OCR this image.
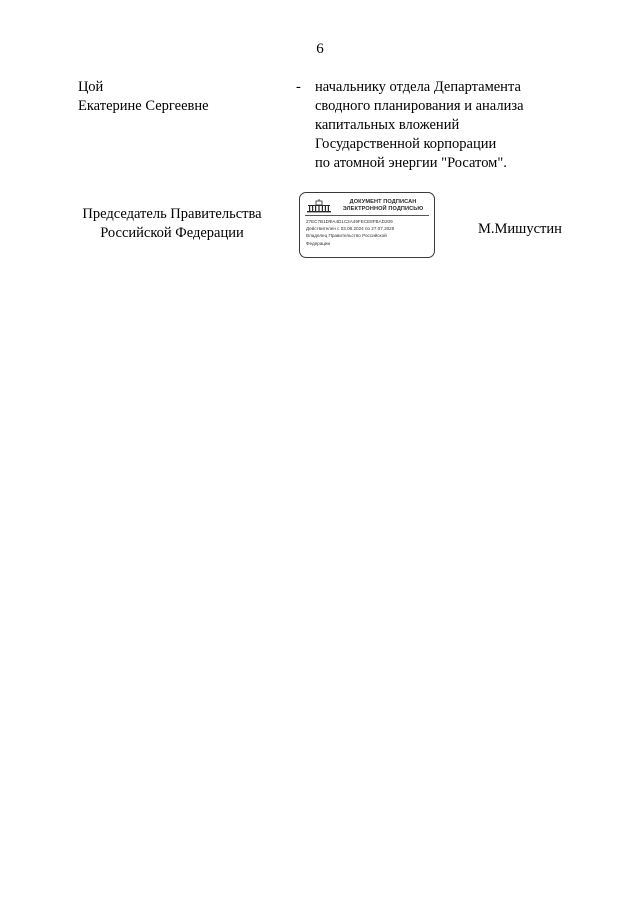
6
Цой
Екатерине Сергеевне
- начальнику отдела Департамента
сводного планирования и анализа
капитальных вложений
Государственной корпорации
по атомной энергии "Росатом".
Председатель Правительства
Российской Федерации
ДОКУМЕНТ ПОДПИСАН
ЭЛЕКТРОННОЙ ПОДПИСЬЮ
27ЕС7B1DФА4D1С2А49FЕСЕ8FBAD209
Действителен с 03.08.2024 по 27.07.2025
Владелец Правительство Российской
Федерации
М.Мишустин
